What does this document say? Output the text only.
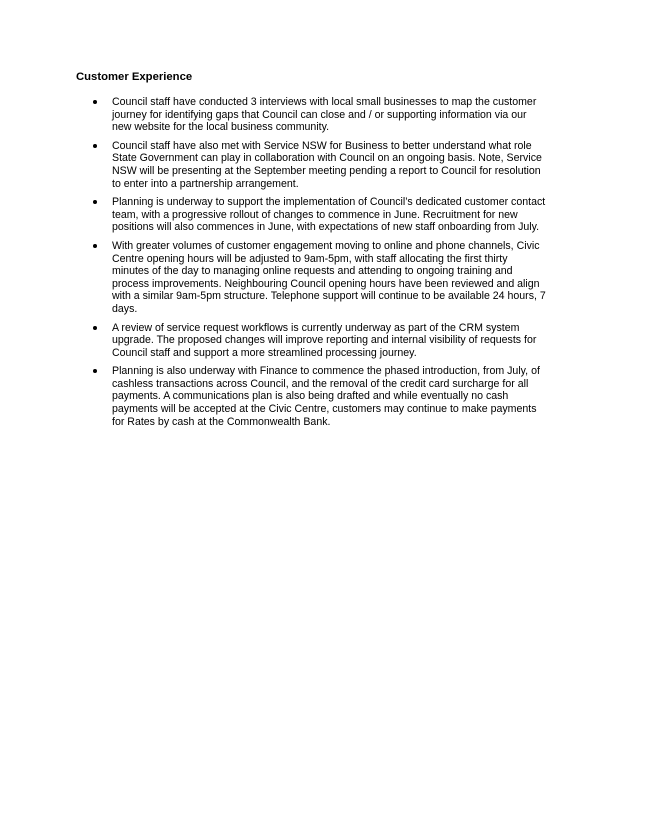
Customer Experience
Council staff have conducted 3 interviews with local small businesses to map the customer journey for identifying gaps that Council can close and / or supporting information via our new website for the local business community.
Council staff have also met with Service NSW for Business to better understand what role State Government can play in collaboration with Council on an ongoing basis. Note, Service NSW will be presenting at the September meeting pending a report to Council for resolution to enter into a partnership arrangement.
Planning is underway to support the implementation of Council’s dedicated customer contact team, with a progressive rollout of changes to commence in June. Recruitment for new positions will also commences in June, with expectations of new staff onboarding from July.
With greater volumes of customer engagement moving to online and phone channels, Civic Centre opening hours will be adjusted to 9am-5pm, with staff allocating the first thirty minutes of the day to managing online requests and attending to ongoing training and process improvements. Neighbouring Council opening hours have been reviewed and align with a similar 9am-5pm structure. Telephone support will continue to be available 24 hours, 7 days.
A review of service request workflows is currently underway as part of the CRM system upgrade. The proposed changes will improve reporting and internal visibility of requests for Council staff and support a more streamlined processing journey.
Planning is also underway with Finance to commence the phased introduction, from July, of cashless transactions across Council, and the removal of the credit card surcharge for all payments. A communications plan is also being drafted and while eventually no cash payments will be accepted at the Civic Centre, customers may continue to make payments for Rates by cash at the Commonwealth Bank.
